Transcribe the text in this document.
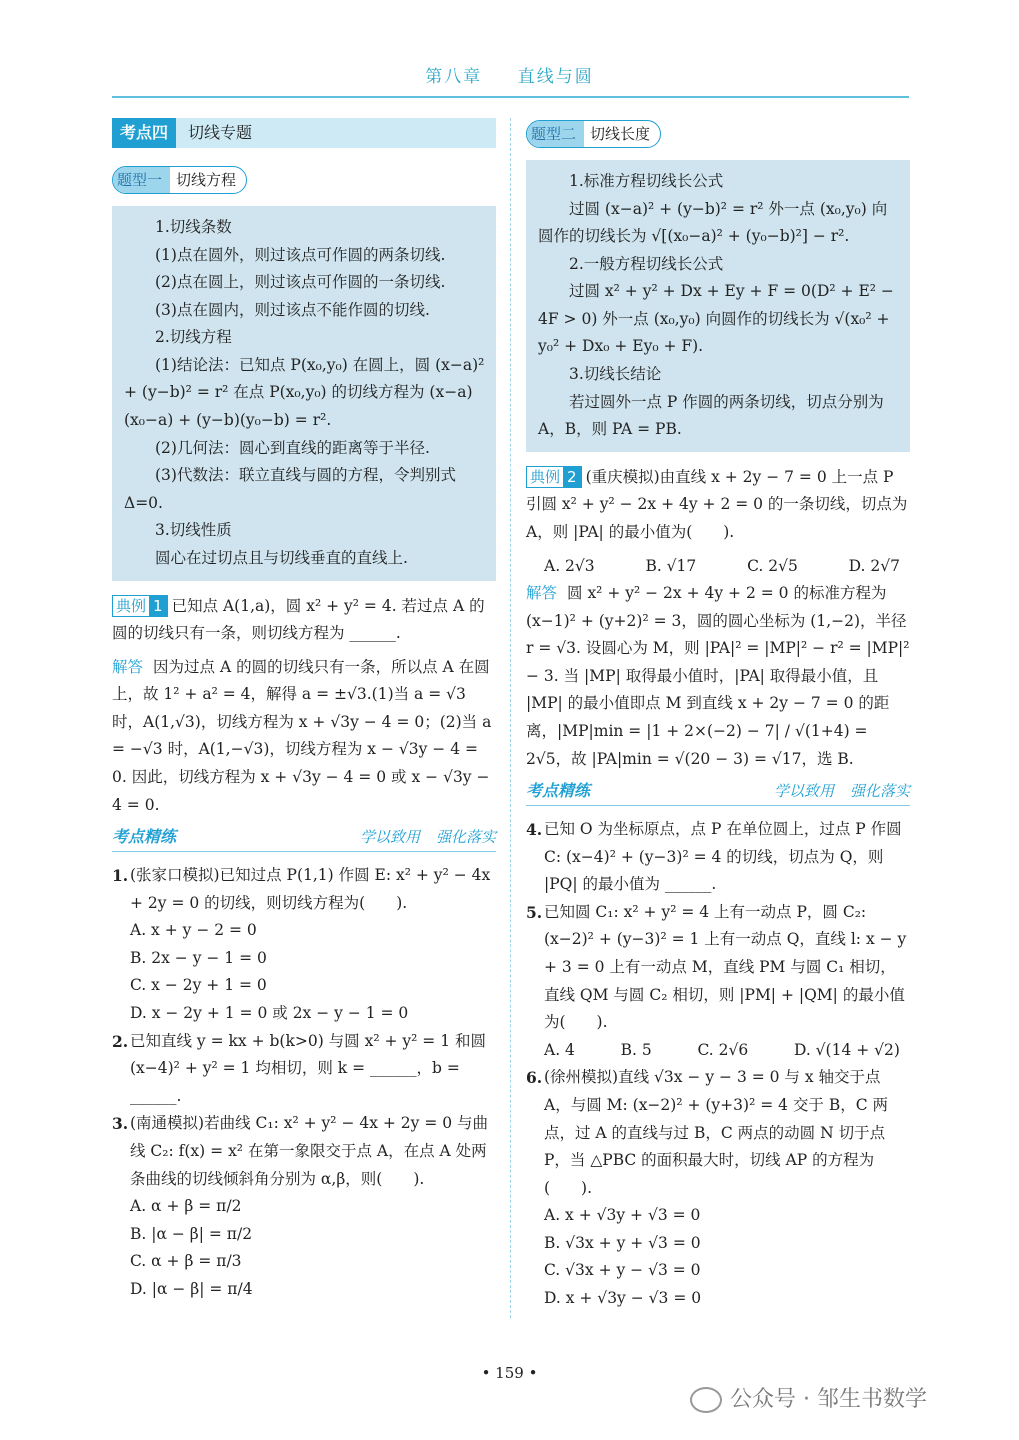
第八章 直线与圆
考点四	切线专题
题型一 切线方程

1.切线条数

(1)点在圆外，则过该点可作圆的两条切线.

(2)点在圆上，则过该点可作圆的一条切线.

(3)点在圆内，则过该点不能作圆的切线.

2.切线方程

(1)结论法：已知点 P(x₀,y₀) 在圆上，圆 (x−a)² + (y−b)² = r² 在点 P(x₀,y₀) 的切线方程为 (x−a)(x₀−a) + (y−b)(y₀−b) = r².

(2)几何法：圆心到直线的距离等于半径.

(3)代数法：联立直线与圆的方程，令判别式 Δ=0.

3.切线性质

圆心在过切点且与切线垂直的直线上.

典例 1 已知点 A(1,a)，圆 x² + y² = 4. 若过点 A 的圆的切线只有一条，则切线方程为 ______.

解答 因为过点 A 的圆的切线只有一条，所以点 A 在圆上，故 1² + a² = 4，解得 a = ±√3.(1)当 a = √3 时，A(1,√3)，切线方程为 x + √3y − 4 = 0；(2)当 a = −√3 时，A(1,−√3)，切线方程为 x − √3y − 4 = 0. 因此，切线方程为 x + √3y − 4 = 0 或 x − √3y − 4 = 0.

考点精练	学以致用 强化落实

1. (张家口模拟)已知过点 P(1,1) 作圆 E: x² + y² − 4x + 2y = 0 的切线，则切线方程为(　　).

A. x + y − 2 = 0

B. 2x − y − 1 = 0

C. x − 2y + 1 = 0

D. x − 2y + 1 = 0 或 2x − y − 1 = 0

2. 已知直线 y = kx + b(k>0) 与圆 x² + y² = 1 和圆 (x−4)² + y² = 1 均相切，则 k = ______，b = ______.

3. (南通模拟)若曲线 C₁: x² + y² − 4x + 2y = 0 与曲线 C₂: f(x) = x² 在第一象限交于点 A，在点 A 处两条曲线的切线倾斜角分别为 α,β，则(　　).

A. α + β = π/2

B. |α − β| = π/2

C. α + β = π/3

D. |α − β| = π/4

题型二 切线长度

1.标准方程切线长公式

过圆 (x−a)² + (y−b)² = r² 外一点 (x₀,y₀) 向圆作的切线长为 √[(x₀−a)² + (y₀−b)²] − r².

2.一般方程切线长公式

过圆 x² + y² + Dx + Ey + F = 0(D² + E² − 4F > 0) 外一点 (x₀,y₀) 向圆作的切线长为 √(x₀² + y₀² + Dx₀ + Ey₀ + F).

3.切线长结论

若过圆外一点 P 作圆的两条切线，切点分别为 A，B，则 PA = PB.

典例 2 (重庆模拟)由直线 x + 2y − 7 = 0 上一点 P 引圆 x² + y² − 2x + 4y + 2 = 0 的一条切线，切点为 A，则 |PA| 的最小值为(　　).

A. 2√3	B. √17	C. 2√5	D. 2√7

解答 圆 x² + y² − 2x + 4y + 2 = 0 的标准方程为 (x−1)² + (y+2)² = 3，圆的圆心坐标为 (1,−2)，半径 r = √3. 设圆心为 M，则 |PA|² = |MP|² − r² = |MP|² − 3. 当 |MP| 取得最小值时，|PA| 取得最小值，且 |MP| 的最小值即点 M 到直线 x + 2y − 7 = 0 的距离，|MP|min = |1 + 2×(−2) − 7| / √(1+4) = 2√5，故 |PA|min = √(20 − 3) = √17，选 B.

考点精练	学以致用 强化落实

4. 已知 O 为坐标原点，点 P 在单位圆上，过点 P 作圆 C: (x−4)² + (y−3)² = 4 的切线，切点为 Q，则 |PQ| 的最小值为 ______.

5. 已知圆 C₁: x² + y² = 4 上有一动点 P，圆 C₂: (x−2)² + (y−3)² = 1 上有一动点 Q，直线 l: x − y + 3 = 0 上有一动点 M，直线 PM 与圆 C₁ 相切，直线 QM 与圆 C₂ 相切，则 |PM| + |QM| 的最小值为(　　).

A. 4	B. 5	C. 2√6	D. √(14 + √2)

6. (徐州模拟)直线 √3x − y − 3 = 0 与 x 轴交于点 A，与圆 M: (x−2)² + (y+3)² = 4 交于 B，C 两点，过 A 的直线与过 B，C 两点的动圆 N 切于点 P，当 △PBC 的面积最大时，切线 AP 的方程为(　　).

A. x + √3y + √3 = 0

B. √3x + y + √3 = 0

C. √3x + y − √3 = 0

D. x + √3y − √3 = 0

• 159 •
公众号 · 邹生书数学
